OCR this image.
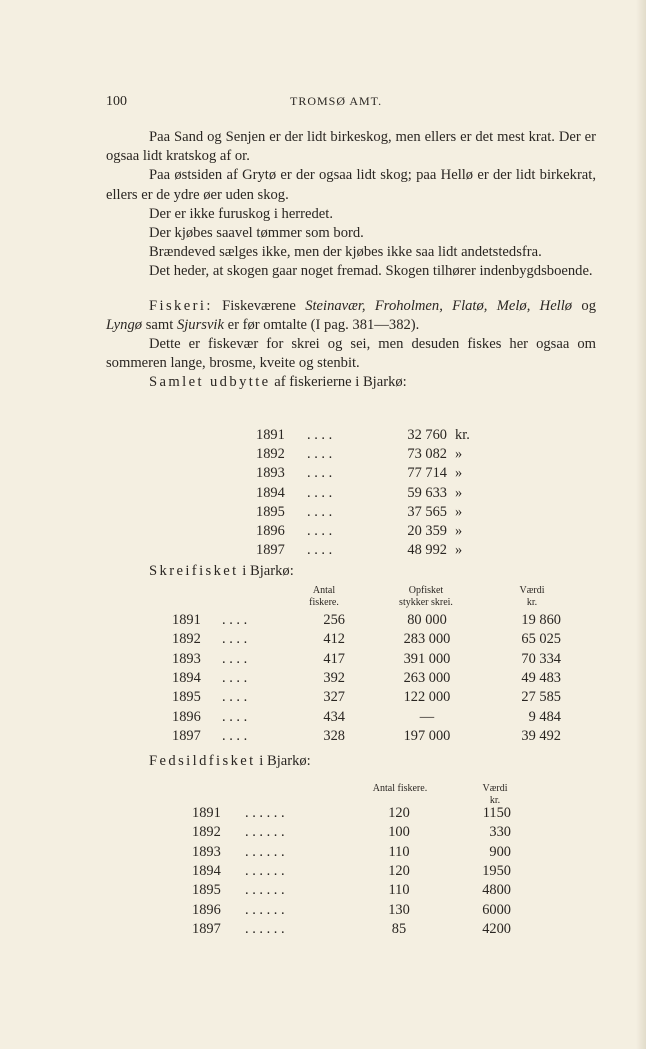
100	TROMSØ AMT.

Paa Sand og Senjen er der lidt birkeskog, men ellers er det mest krat. Der er ogsaa lidt kratskog af or.

Paa østsiden af Grytø er der ogsaa lidt skog; paa Hellø er der lidt birkekrat, ellers er de ydre øer uden skog.

Der er ikke furuskog i herredet.

Der kjøbes saavel tømmer som bord.

Brændeved sælges ikke, men der kjøbes ikke saa lidt andetstedsfra.

Det heder, at skogen gaar noget fremad. Skogen tilhører indenbygdsboende.

Fiskeri: Fiskeværene Steinavær, Froholmen, Flatø, Melø, Hellø og Lyngø samt Sjursvik er før omtalte (I pag. 381—382).

Dette er fiskevær for skrei og sei, men desuden fiskes her ogsaa om sommeren lange, brosme, kveite og stenbit.

Samlet udbytte af fiskerierne i Bjarkø:

1891 . . . .	32 760 kr.
1892 . . . .	73 082 »
1893 . . . .	77 714 »
1894 . . . .	59 633 »
1895 . . . .	37 565 »
1896 . . . .	20 359 »
1897 . . . .	48 992 »
Skreifisket i Bjarkø:
Antal
fiskere.
Opfisket
stykker skrei.
Værdi
kr.
1891 . . . .	256	80 000	19 860
1892 . . . .	412	283 000	65 025
1893 . . . .	417	391 000	70 334
1894 . . . .	392	263 000	49 483
1895 . . . .	327	122 000	27 585
1896 . . . .	434	—	9 484
1897 . . . .	328	197 000	39 492
Fedsildfisket i Bjarkø:
Antal fiskere.	Værdi
kr.
1891 . . . . . .	120	1150
1892 . . . . . .	100	330
1893 . . . . . .	110	900
1894 . . . . . .	120	1950
1895 . . . . . .	110	4800
1896 . . . . . .	130	6000
1897 . . . . . .	85	4200
